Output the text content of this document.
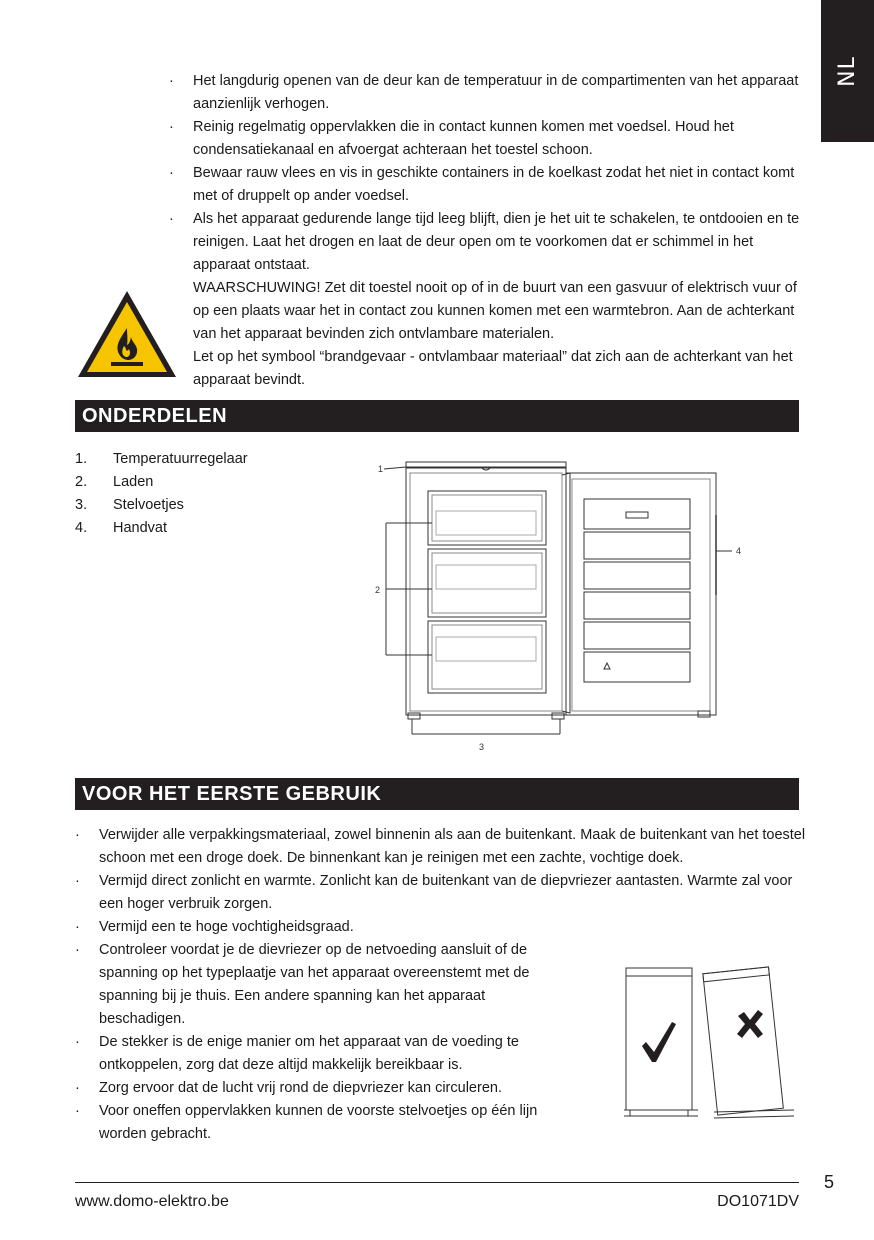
NL
· Het langdurig openen van de deur kan de temperatuur in de compartimenten van het apparaat aanzienlijk verhogen.
· Reinig regelmatig oppervlakken die in contact kunnen komen met voedsel. Houd het condensatiekanaal en afvoergat achteraan het toestel schoon.
· Bewaar rauw vlees en vis in geschikte containers in de koelkast zodat het niet in contact komt met of druppelt op ander voedsel.
· Als het apparaat gedurende lange tijd leeg blijft, dien je het uit te schakelen, te ontdooien en te reinigen. Laat het drogen en laat de deur open om te voorkomen dat er schimmel in het apparaat ontstaat.

WAARSCHUWING! Zet dit toestel nooit op of in de buurt van een gasvuur of elektrisch vuur of op een plaats waar het in contact zou kunnen komen met een warmtebron. Aan de achterkant van het apparaat bevinden zich ontvlambare materialen.

Let op het symbool “brandgevaar - ontvlambaar materiaal” dat zich aan de achterkant van het apparaat bevindt.

ONDERDELEN
1.	Temperatuurregelaar
2.	Laden
3.	Stelvoetjes
4.	Handvat
1
2
3
4
VOOR HET EERSTE GEBRUIK
· Verwijder alle verpakkingsmateriaal, zowel binnenin als aan de buitenkant. Maak de buitenkant van het toestel schoon met een droge doek. De binnenkant kan je reinigen met een zachte, vochtige doek.
· Vermijd direct zonlicht en warmte. Zonlicht kan de buitenkant van de diepvriezer aantasten. Warmte zal voor een hoger verbruik zorgen.
· Vermijd een te hoge vochtigheidsgraad.
· Controleer voordat je de dievriezer op de netvoeding aansluit of de spanning op het typeplaatje van het apparaat overeenstemt met de spanning bij je thuis. Een andere spanning kan het apparaat beschadigen.
· De stekker is de enige manier om het apparaat van de voeding te ontkoppelen, zorg dat deze altijd makkelijk bereikbaar is.
· Zorg ervoor dat de lucht vrij rond de diepvriezer kan circuleren.
· Voor oneffen oppervlakken kunnen de voorste stelvoetjes op één lijn worden gebracht.
5
www.domo-elektro.be	DO1071DV
